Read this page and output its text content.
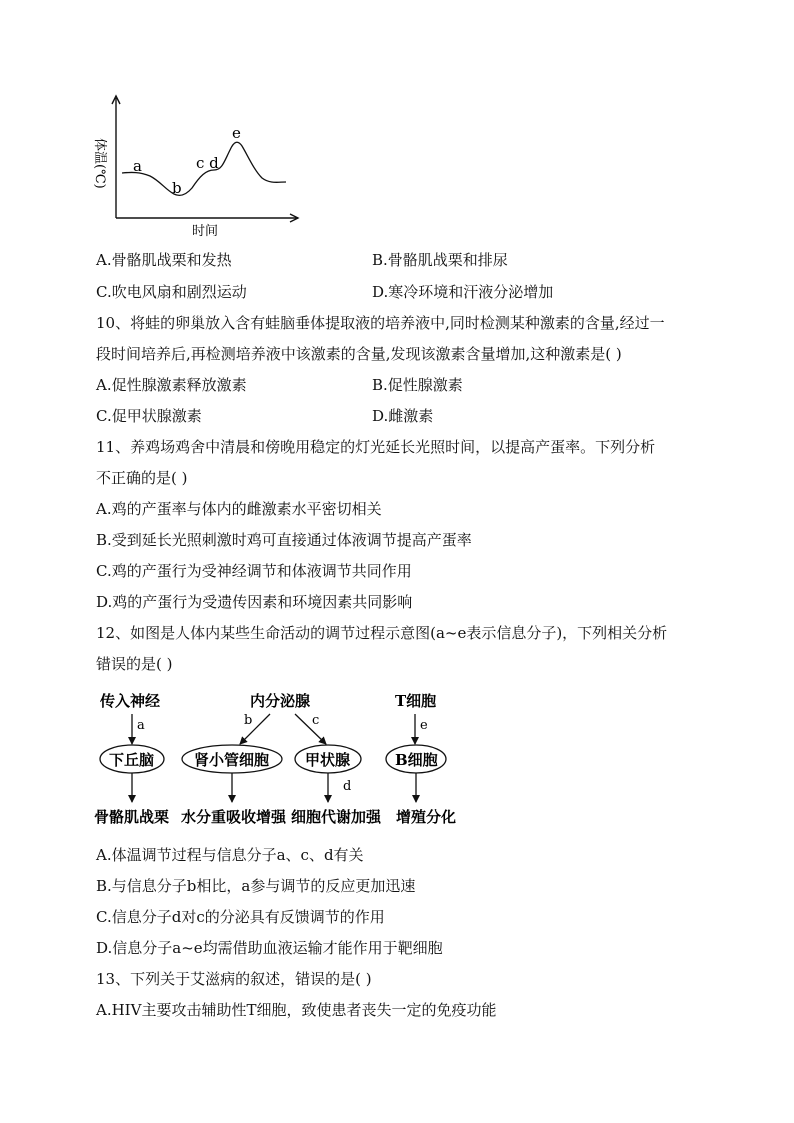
体温(℃)
时间
a
b
c d
e
A.骨骼肌战栗和发热	B.骨骼肌战栗和排尿
C.吹电风扇和剧烈运动	D.寒冷环境和汗液分泌增加
10、将蛙的卵巢放入含有蛙脑垂体提取液的培养液中,同时检测某种激素的含量,经过一
段时间培养后,再检测培养液中该激素的含量,发现该激素含量增加,这种激素是( )
A.促性腺激素释放激素	B.促性腺激素
C.促甲状腺激素	D.雌激素
11、养鸡场鸡舍中清晨和傍晚用稳定的灯光延长光照时间，以提高产蛋率。下列分析
不正确的是( )
A.鸡的产蛋率与体内的雌激素水平密切相关
B.受到延长光照刺激时鸡可直接通过体液调节提高产蛋率
C.鸡的产蛋行为受神经调节和体液调节共同作用
D.鸡的产蛋行为受遗传因素和环境因素共同影响
12、如图是人体内某些生命活动的调节过程示意图(a~e表示信息分子)，下列相关分析
错误的是( )
传入神经	内分泌腺	T细胞
a	b	c	e
下丘脑	肾小管细胞 甲状腺	B细胞
d
骨骼肌战栗 水分重吸收增强 细胞代谢加强 增殖分化
A.体温调节过程与信息分子a、c、d有关
B.与信息分子b相比，a参与调节的反应更加迅速
C.信息分子d对c的分泌具有反馈调节的作用
D.信息分子a~e均需借助血液运输才能作用于靶细胞
13、下列关于艾滋病的叙述，错误的是( )
A.HIV主要攻击辅助性T细胞，致使患者丧失一定的免疫功能
